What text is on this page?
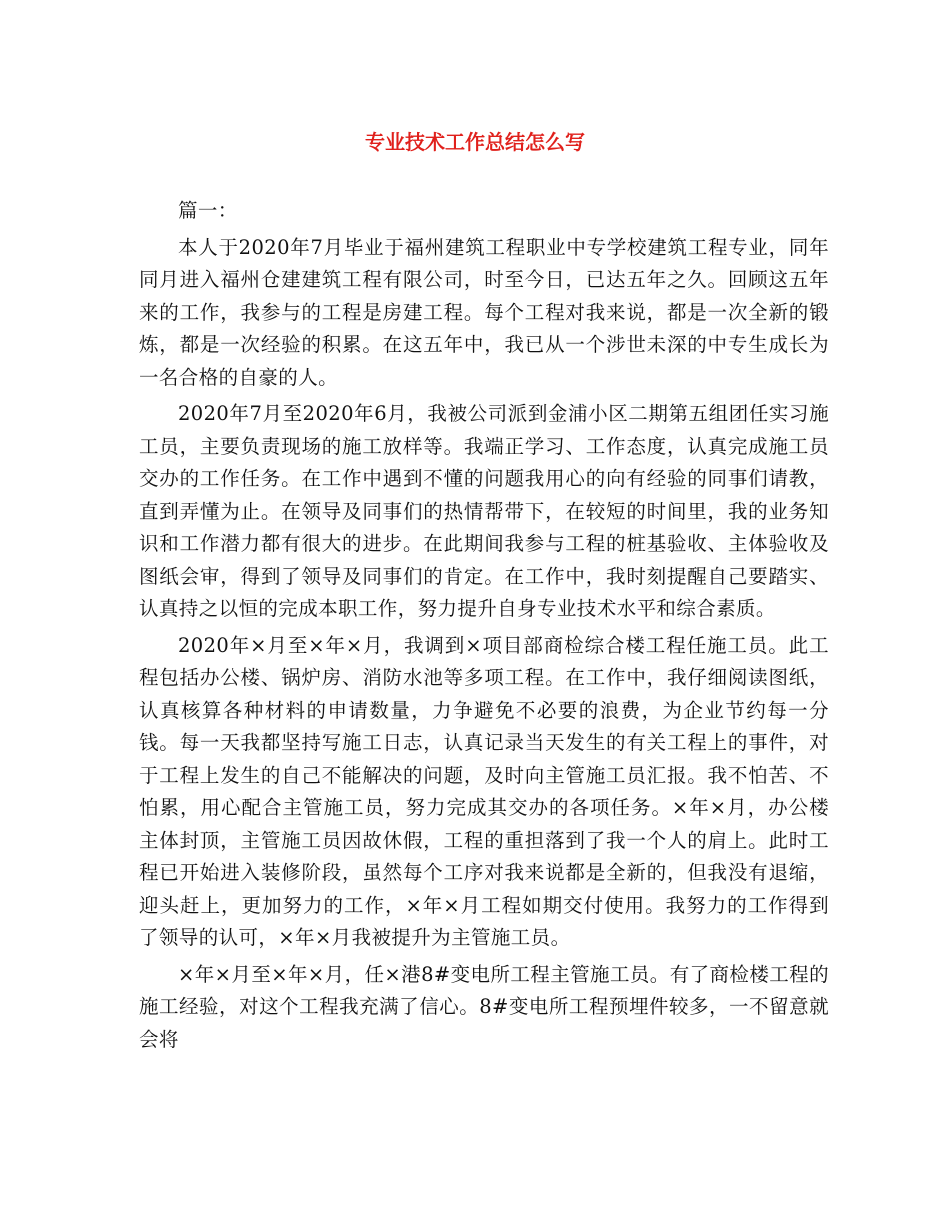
专业技术工作总结怎么写

篇一：

本人于2020年7月毕业于福州建筑工程职业中专学校建筑工程专业，同年同月进入福州仓建建筑工程有限公司，时至今日，已达五年之久。回顾这五年来的工作，我参与的工程是房建工程。每个工程对我来说，都是一次全新的锻炼，都是一次经验的积累。在这五年中，我已从一个涉世未深的中专生成长为一名合格的自豪的人。

2020年7月至2020年6月，我被公司派到金浦小区二期第五组团任实习施工员，主要负责现场的施工放样等。我端正学习、工作态度，认真完成施工员交办的工作任务。在工作中遇到不懂的问题我用心的向有经验的同事们请教，直到弄懂为止。在领导及同事们的热情帮带下，在较短的时间里，我的业务知识和工作潜力都有很大的进步。在此期间我参与工程的桩基验收、主体验收及图纸会审，得到了领导及同事们的肯定。在工作中，我时刻提醒自己要踏实、认真持之以恒的完成本职工作，努力提升自身专业技术水平和综合素质。

2020年×月至×年×月，我调到×项目部商检综合楼工程任施工员。此工程包括办公楼、锅炉房、消防水池等多项工程。在工作中，我仔细阅读图纸，认真核算各种材料的申请数量，力争避免不必要的浪费，为企业节约每一分钱。每一天我都坚持写施工日志，认真记录当天发生的有关工程上的事件，对于工程上发生的自己不能解决的问题，及时向主管施工员汇报。我不怕苦、不怕累，用心配合主管施工员，努力完成其交办的各项任务。×年×月，办公楼主体封顶，主管施工员因故休假，工程的重担落到了我一个人的肩上。此时工程已开始进入装修阶段，虽然每个工序对我来说都是全新的，但我没有退缩，迎头赶上，更加努力的工作，×年×月工程如期交付使用。我努力的工作得到了领导的认可，×年×月我被提升为主管施工员。

×年×月至×年×月，任×港8#变电所工程主管施工员。有了商检楼工程的施工经验，对这个工程我充满了信心。8#变电所工程预埋件较多，一不留意就会将
